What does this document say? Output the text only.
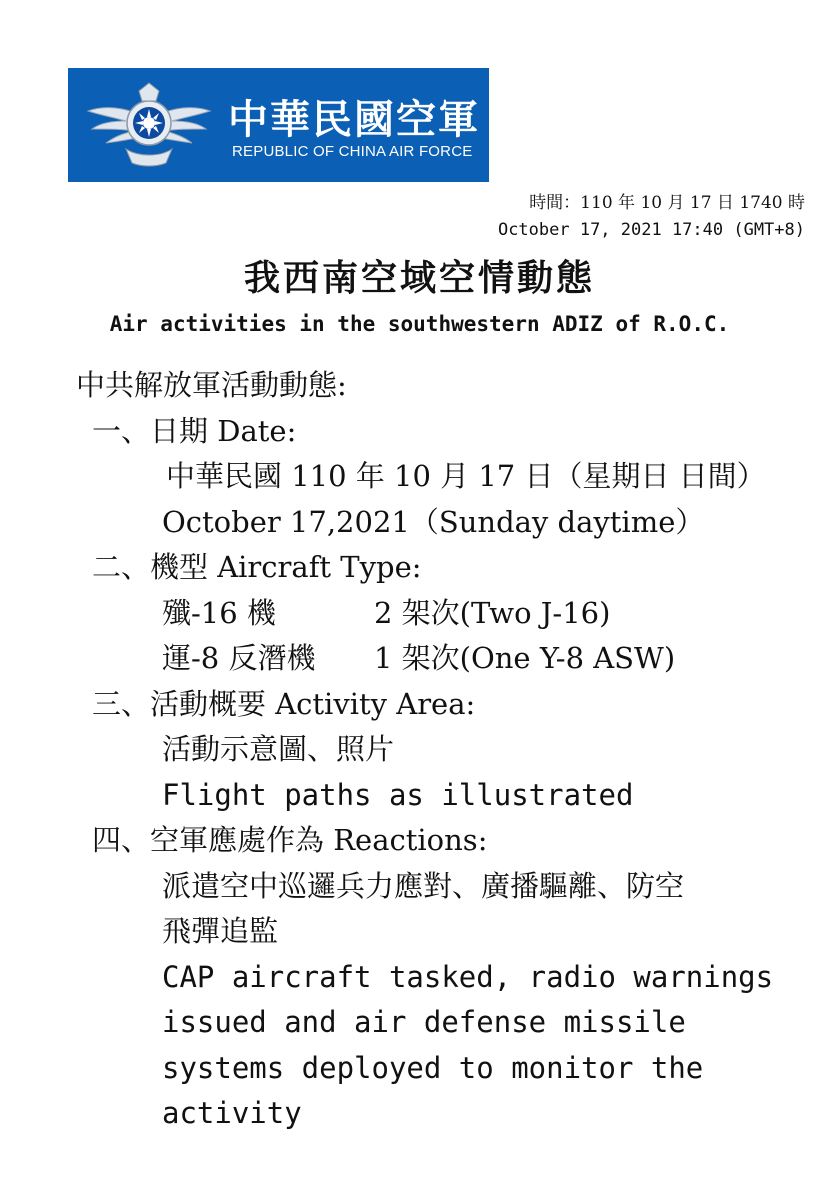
中華民國空軍
REPUBLIC OF CHINA AIR FORCE
時間：110 年 10 月 17 日 1740 時
October 17, 2021 17:40 (GMT+8)
我西南空域空情動態
Air activities in the southwestern ADIZ of R.O.C.
中共解放軍活動動態:
一、日期 Date:
中華民國 110 年 10 月 17 日（星期日 日間）
October 17,2021（Sunday daytime）
二、機型 Aircraft Type:
殲-16 機	2 架次(Two J-16)
運-8 反潛機 1 架次(One Y-8 ASW)
三、活動概要 Activity Area:
活動示意圖、照片
Flight paths as illustrated
四、空軍應處作為 Reactions:
派遣空中巡邏兵力應對、廣播驅離、防空
飛彈追監
CAP aircraft tasked, radio warnings
issued and air defense missile
systems deployed to monitor the
activity
